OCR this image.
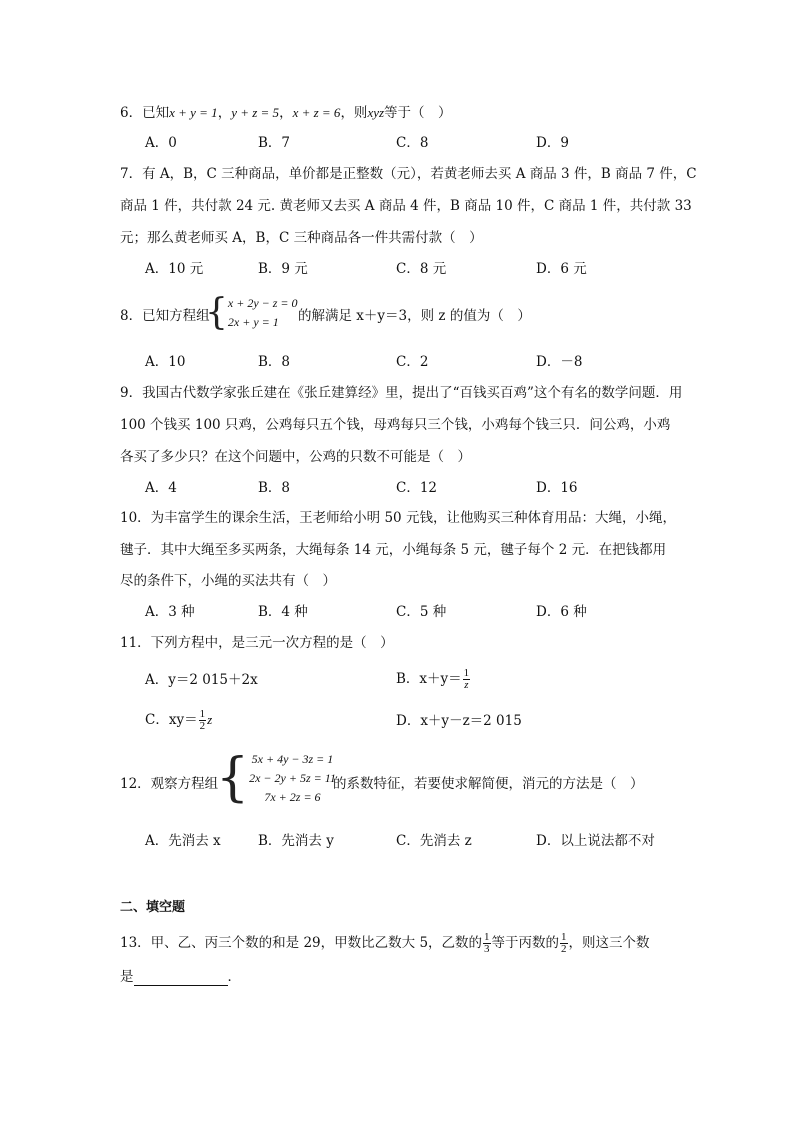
6．已知x + y = 1，y + z = 5，x + z = 6，则xyz等于（　）
A．0	B．7	C．8	D．9
7．有 A，B，C 三种商品，单价都是正整数（元），若黄老师去买 A 商品 3 件，B 商品 7 件，C
商品 1 件，共付款 24 元. 黄老师又去买 A 商品 4 件，B 商品 10 件，C 商品 1 件，共付款 33
元；那么黄老师买 A，B，C 三种商品各一件共需付款（　）
A．10 元	B．9 元	C．8 元	D．6 元
8．已知方程组
{ x + 2y − z = 0
2x + y = 1	的解满足 x＋y＝3，则 z 的值为（　）
A．10	B．8	C．2	D．－8
9．我国古代数学家张丘建在《张丘建算经》里，提出了“百钱买百鸡”这个有名的数学问题．用
100 个钱买 100 只鸡，公鸡每只五个钱，母鸡每只三个钱，小鸡每个钱三只．问公鸡，小鸡
各买了多少只？在这个问题中，公鸡的只数不可能是（　）
A．4	B．8	C．12	D．16
10．为丰富学生的课余生活，王老师给小明 50 元钱，让他购买三种体育用品：大绳，小绳，
毽子．其中大绳至多买两条，大绳每条 14 元，小绳每条 5 元，毽子每个 2 元．在把钱都用
尽的条件下，小绳的买法共有（　）
A．3 种	B．4 种	C．5 种	D．6 种
11．下列方程中，是三元一次方程的是（　）
A．y＝2 015＋2x	B．$x+y= \frac{1}{z}$
C．$xy= \frac{1}{2}$ z	D．x＋y－z＝2 015
12．观察方程组
{ 5x + 4y − 3z = 1
2x − 2y + 5z = 11
7x + 2z = 6
的系数特征，若要使求解简便，消元的方法是（　）
A．先消去 x	B．先消去 y	C．先消去 z	D．以上说法都不对
二、填空题
13．甲、乙、丙三个数的和是 29，甲数比乙数大 5，乙数的 $\frac{1}{3}$ 等于丙数的 $\frac{1}{2}$ ，则这三个数
是	．
